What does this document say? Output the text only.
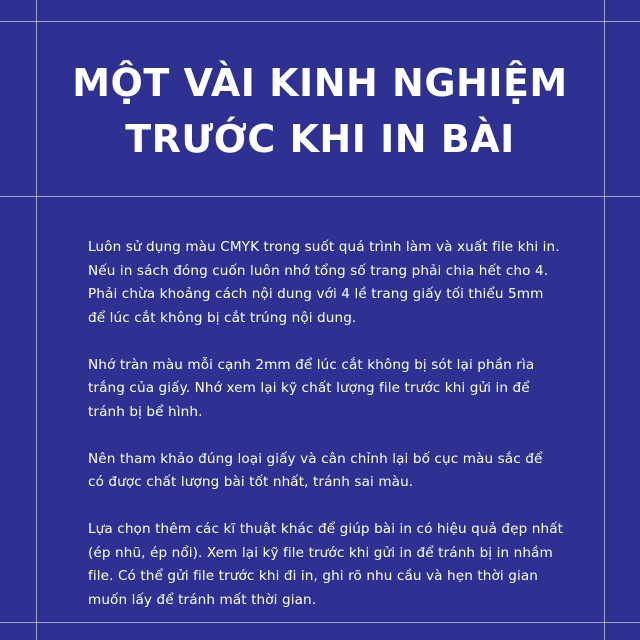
MỘT VÀI KINH NGHIỆM
TRƯỚC KHI IN BÀI

Luôn sử dụng màu CMYK trong suốt quá trình làm và xuất file khi in.
Nếu in sách đóng cuốn luôn nhớ tổng số trang phải chia hết cho 4.
Phải chừa khoảng cách nội dung với 4 lề trang giấy tối thiểu 5mm
để lúc cắt không bị cắt trúng nội dung.

Nhớ tràn màu mỗi cạnh 2mm để lúc cắt không bị sót lại phần rìa
trắng của giấy. Nhớ xem lại kỹ chất lượng file trước khi gửi in để
tránh bị bể hình.

Nên tham khảo đúng loại giấy và cân chỉnh lại bố cục màu sắc để
có được chất lượng bài tốt nhất, tránh sai màu.

Lựa chọn thêm các kĩ thuật khác để giúp bài in có hiệu quả đẹp nhất
(ép nhũ, ép nổi). Xem lại kỹ file trước khi gửi in để tránh bị in nhầm
file. Có thể gửi file trước khi đi in, ghi rõ nhu cầu và hẹn thời gian
muốn lấy để tránh mất thời gian.
